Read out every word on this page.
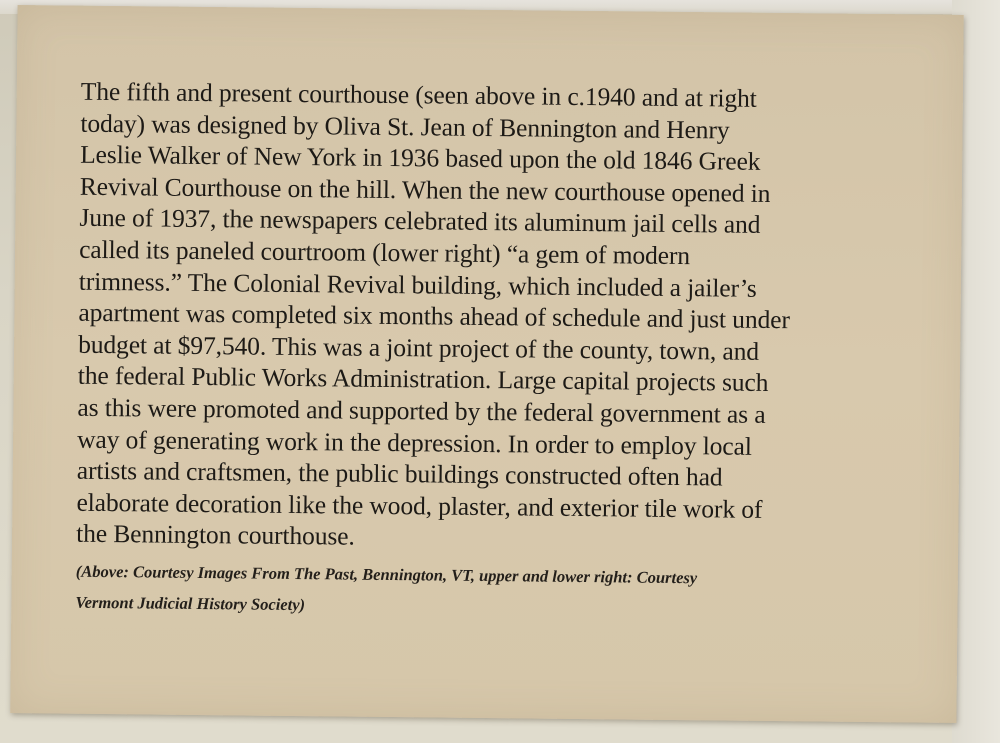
The fifth and present courthouse (seen above in c.1940 and at right
today) was designed by Oliva St. Jean of Bennington and Henry
Leslie Walker of New York in 1936 based upon the old 1846 Greek
Revival Courthouse on the hill. When the new courthouse opened in
June of 1937, the newspapers celebrated its aluminum jail cells and
called its paneled courtroom (lower right) “a gem of modern
trimness.” The Colonial Revival building, which included a jailer’s
apartment was completed six months ahead of schedule and just under
budget at $97,540. This was a joint project of the county, town, and
the federal Public Works Administration. Large capital projects such
as this were promoted and supported by the federal government as a
way of generating work in the depression. In order to employ local
artists and craftsmen, the public buildings constructed often had
elaborate decoration like the wood, plaster, and exterior tile work of
the Bennington courthouse.
(Above: Courtesy Images From The Past, Bennington, VT, upper and lower right: Courtesy
Vermont Judicial History Society)
